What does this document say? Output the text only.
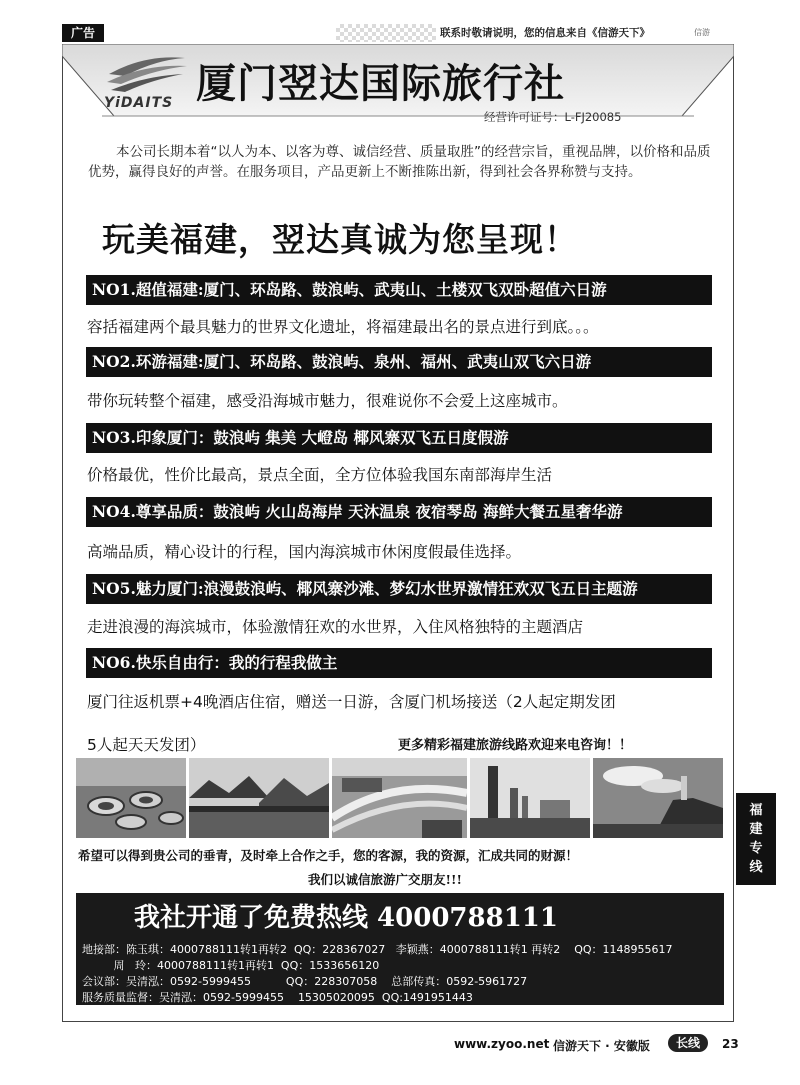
广告	联系时敬请说明，您的信息来自《信游天下》	信游
YiDAITS 厦门翌达国际旅行社
经营许可证号：L-FJ20085
本公司长期本着“以人为本、以客为尊、诚信经营、质量取胜”的经营宗旨，重视品牌，以价格和品质优势，赢得良好的声誉。在服务项目，产品更新上不断推陈出新，得到社会各界称赞与支持。
玩美福建，翌达真诚为您呈现！
NO1.超值福建:厦门、环岛路、鼓浪屿、武夷山、土楼双飞双卧超值六日游
容括福建两个最具魅力的世界文化遗址，将福建最出名的景点进行到底。。。
NO2.环游福建:厦门、环岛路、鼓浪屿、泉州、福州、武夷山双飞六日游
带你玩转整个福建，感受沿海城市魅力，很难说你不会爱上这座城市。
NO3.印象厦门：鼓浪屿 集美 大嶝岛 椰风寨双飞五日度假游
价格最优，性价比最高，景点全面，全方位体验我国东南部海岸生活
NO4.尊享品质：鼓浪屿 火山岛海岸 天沐温泉 夜宿琴岛 海鲜大餐五星奢华游
高端品质，精心设计的行程，国内海滨城市休闲度假最佳选择。
NO5.魅力厦门:浪漫鼓浪屿、椰风寨沙滩、梦幻水世界激情狂欢双飞五日主题游
走进浪漫的海滨城市，体验激情狂欢的水世界，入住风格独特的主题酒店
NO6.快乐自由行：我的行程我做主
厦门往返机票+4晚酒店住宿，赠送一日游，含厦门机场接送（2人起定期发团
5人起天天发团）	更多精彩福建旅游线路欢迎来电咨询！！
希望可以得到贵公司的垂青，及时牵上合作之手，您的客源，我的资源，汇成共同的财源！
我们以诚信旅游广交朋友!!!
我社开通了免费热线 4000788111
地接部：陈玉琪：4000788111转1再转2  QQ：228367027   李颖燕：4000788111转1 再转2    QQ：1148955617
周   玲：4000788111转1再转1  QQ：1533656120
会议部：吴清泓：0592-5999455          QQ：228307058    总部传真：0592-5961727
服务质量监督：吴清泓：0592-5999455    15305020095  QQ:1491951443
福建专线
www.zyoo.net 信游天下 · 安徽版	长线	23
